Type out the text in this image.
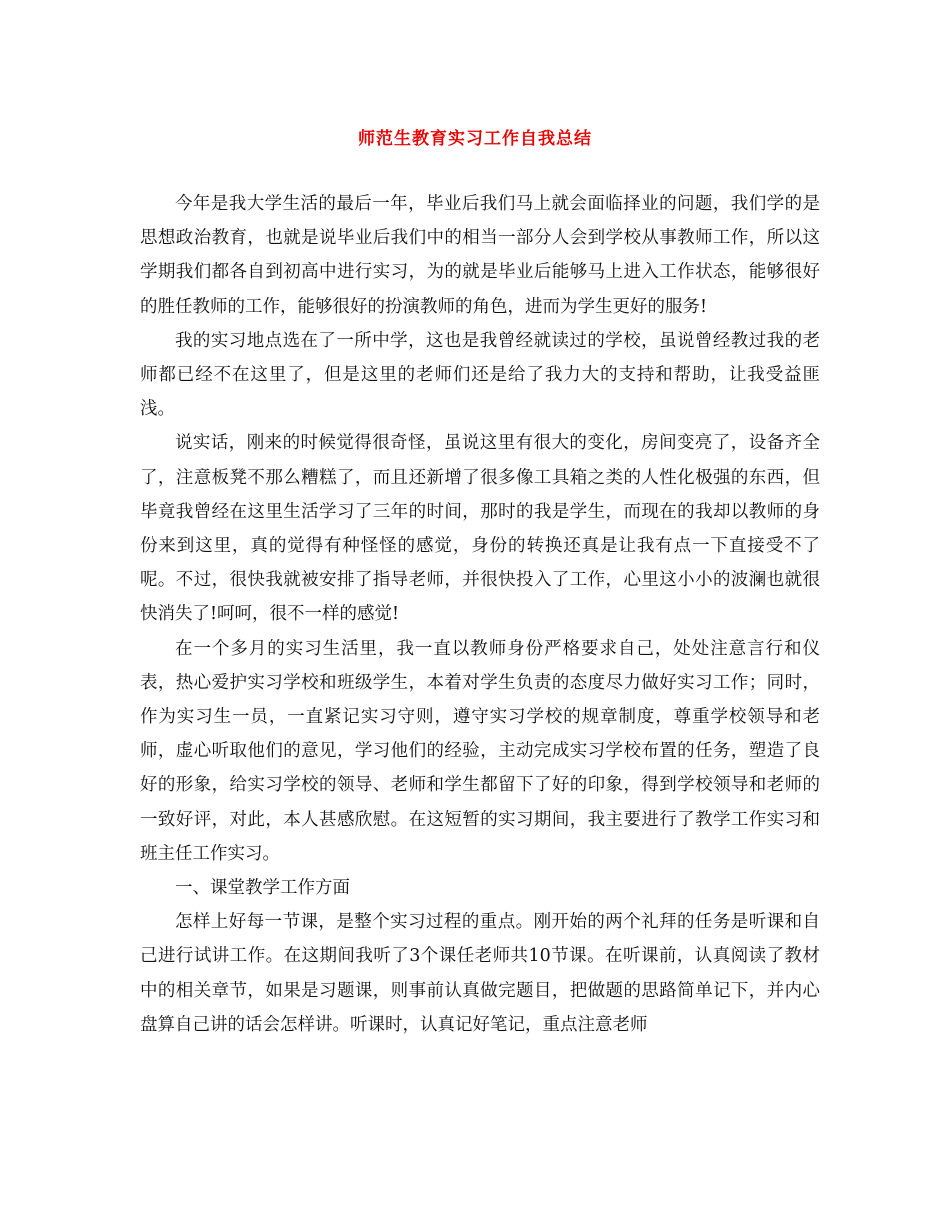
师范生教育实习工作自我总结

今年是我大学生活的最后一年，毕业后我们马上就会面临择业的问题，我们学的是思想政治教育，也就是说毕业后我们中的相当一部分人会到学校从事教师工作，所以这学期我们都各自到初高中进行实习，为的就是毕业后能够马上进入工作状态，能够很好的胜任教师的工作，能够很好的扮演教师的角色，进而为学生更好的服务!

我的实习地点选在了一所中学，这也是我曾经就读过的学校，虽说曾经教过我的老师都已经不在这里了，但是这里的老师们还是给了我力大的支持和帮助，让我受益匪浅。

说实话，刚来的时候觉得很奇怪，虽说这里有很大的变化，房间变亮了，设备齐全了，注意板凳不那么糟糕了，而且还新增了很多像工具箱之类的人性化极强的东西，但毕竟我曾经在这里生活学习了三年的时间，那时的我是学生，而现在的我却以教师的身份来到这里，真的觉得有种怪怪的感觉，身份的转换还真是让我有点一下直接受不了呢。不过，很快我就被安排了指导老师，并很快投入了工作，心里这小小的波澜也就很快消失了!呵呵，很不一样的感觉!

在一个多月的实习生活里，我一直以教师身份严格要求自己，处处注意言行和仪表，热心爱护实习学校和班级学生，本着对学生负责的态度尽力做好实习工作；同时，作为实习生一员，一直紧记实习守则，遵守实习学校的规章制度，尊重学校领导和老师，虚心听取他们的意见，学习他们的经验，主动完成实习学校布置的任务，塑造了良好的形象，给实习学校的领导、老师和学生都留下了好的印象，得到学校领导和老师的一致好评，对此，本人甚感欣慰。在这短暂的实习期间，我主要进行了教学工作实习和班主任工作实习。

一、课堂教学工作方面

怎样上好每一节课，是整个实习过程的重点。刚开始的两个礼拜的任务是听课和自己进行试讲工作。在这期间我听了3个课任老师共10节课。在听课前，认真阅读了教材中的相关章节，如果是习题课，则事前认真做完题目，把做题的思路简单记下，并内心盘算自己讲的话会怎样讲。听课时，认真记好笔记，重点注意老师
